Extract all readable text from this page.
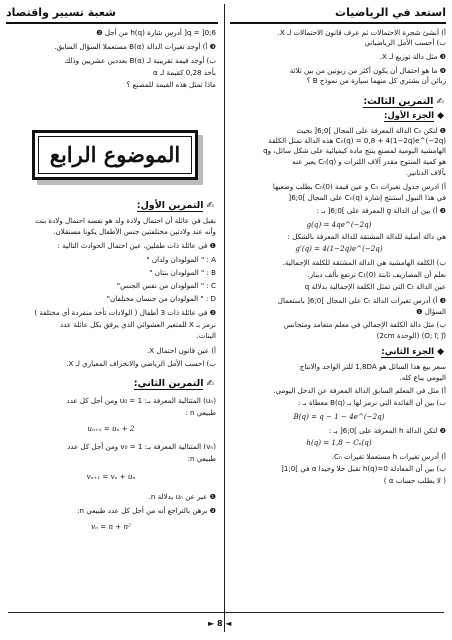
استعد في الرياضيات
أ) أنشئ شجرة الاحتمالات ثم عرف قانون الاحتمالات لـ X.
ب) أحسب الأمل الرياضياتي
❸ مثل دالة توزيع لـ X.
❹ ما هو احتمال أن يكون أكثر من زبونين من بين ثلاثة
زبائن أن يشتري كل منهما سيارة من نموذج B ؟
✍التمرين الثالث:
◆الجزء الأول:
❶ لتكن Cₙ الدالة المعرفة على المجال ]0;6[ بحيث
Cₙ(q) = 0,8 + 4(1−2q)e^(−2q) هذه الدالة تمثل الكلفة
الهامشية اليومية لمصنع ينتج مادة كيميائية على شكل سائل، وq
هو كمية المنتوج مقدر آلاف اللترات و Cₙ(q) يعبر عنه
بآلاف الدنانير.
أ) ادرس جدول تغيرات Cₙ و عين قيمة Cₙ(0) بطلب وضعيها
في هذا النبول استنتج إشارة Cₙ(q) على المجال ]0;6[
❷ أ) بين أن الدالة g المعرفة على ]0;6[ بـ :
g(q) = 4qe^(−2q)
هي دالة أصلية للدالة المشتقة للدالة المعرفة بالشكل :
g'(q) = 4(1−2q)e^(−2q)
ب) الكلفة الهامشية هي الدالة المشتقة للكلفة الإجمالية.
نعلم أن المصاريف ثابتة C₁(0) ترتفع بألف دينار.
عين الدالة Cₜ التي تمثل الكلفة الإجمالية بدلالة q
❸ أ) أدرس تغيرات الدالة Cₜ على المجال ]0;6[ باستعمال
السؤال ❶
ب) مثل دالة الكلفة الإجمالي في معلم متعامد ومتجانس
(O; i⃗; j⃗) (الوحدة 2cm)
◆الجزء الثاني:
سعر بيع هذا السائل هو 1,8DA للتر الواحد والانتاج
اليومي يباع كله.
أ) مثل في المعلم السابق الدالة المعرفة عن الدخل اليومي.
ب) بين أن الفائدة التي نرمز لها بـ B(q) معطاة بـ :
B(q) = q − 1 − 4e^(−2q)
❷ لتكن الدالة h المعرفة على ]0;6[ بـ :
h(q) = 1,8 − Cₙ(q)
أ) أدرس تغيرات h مستعملا تغيرات Cₙ.
ب) بين أن المعادلة h(q)=0 تقبل حلا وحيدا α في ]0;1[
( لا يطلب حساب α )
شعبة تسيير واقتصاد
q = ]0;6[ أدرس شارة h(q) من أجل ❷
❸ أ) أوجد تغيرات الدالة B(α) مستعملا السؤال السابق.
ب) أوجد قيمة تقريبية لـ B(α) بعددين عشريين وذلك
بأخذ 0,28 كقيمة لـ α
ماذا تمثل هذه القيمة للمصنع ؟
الموضوع الرابع
✍التمرين الأول:
نقبل في عائلة أن احتمال ولادة ولد هو نفسه احتمال ولادة بنت
وأنه عند ولادتين مختلفتين جنس الأطفال يكونا مستقلان.
❶ في عائلة ذات طفلين، عين احتمال الحوادث التالية :
A : " المولودان ولدان "
B : " المولودان بنتان "
C : " المولودان من نفس الجنس"
D : " المولودان من جنسان مختلفان"
❷ في عائلة ذات 3 أطفال ( الولادات تأخذ منفردة أي مختلفة )
نرمز بـ X للمتغير العشوائي الذي يرفق بكل عائلة عدد
البنات.
أ) عين قانون احتمال X.
ب) احسب الأمل الرياضي والانحراف المعياري لـ X.
✍التمرين الثاني:
(uₙ) المتتالية المعرفة بـ: u₀ = 1 ومن أجل كل عدد
طبيعي n :
uₙ₊₁ = uₙ + 2
(vₙ) المتتالية المعرفة بـ: v₀ = 1 ومن أجل كل عدد
طبيعي n:
vₙ₊₁ = vₙ + uₙ
❶ عبر عن uₙ بدلالة n.
❷ برهن بالتراجع أنه من أجل كل عدد طبيعي n:
vₙ = n + n²
◄ 8 ►
